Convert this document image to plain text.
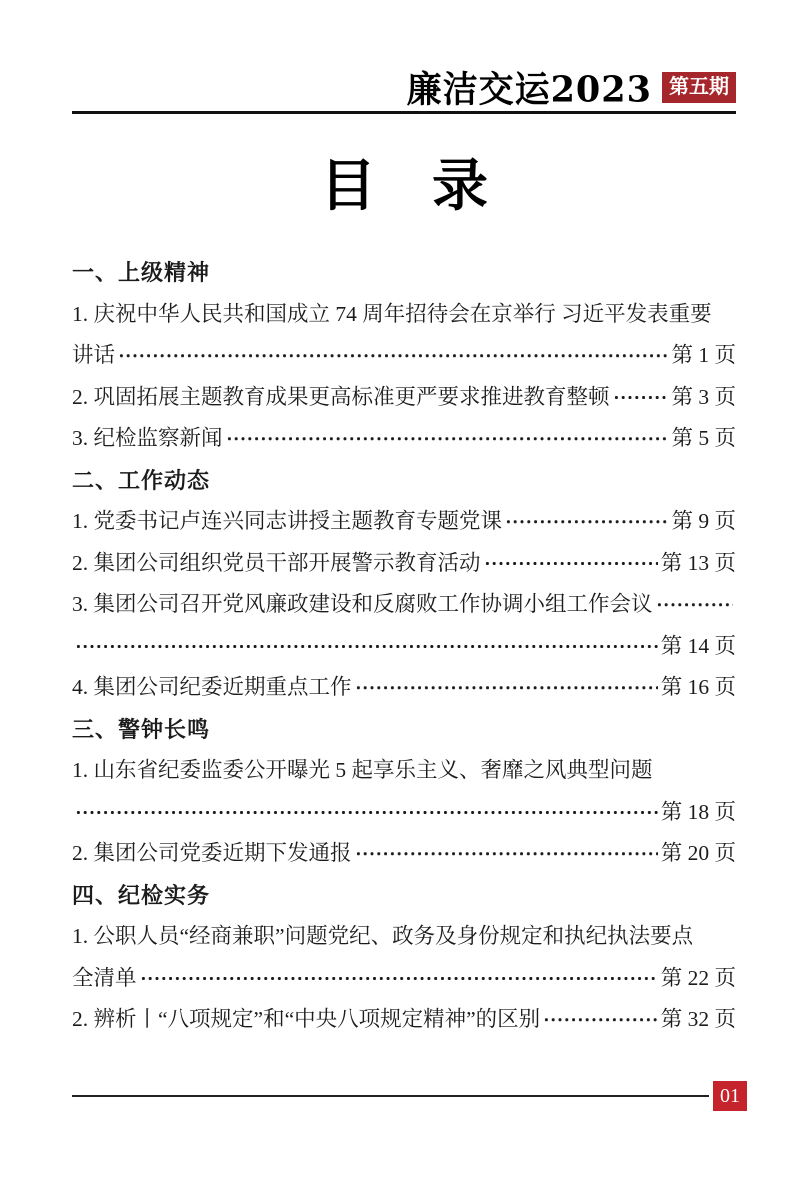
廉洁交运2023 第五期
目　录
一、上级精神
1. 庆祝中华人民共和国成立 74 周年招待会在京举行 习近平发表重要
讲话	第 1 页
2. 巩固拓展主题教育成果更高标准更严要求推进教育整顿	第 3 页
3. 纪检监察新闻	第 5 页
二、工作动态
1. 党委书记卢连兴同志讲授主题教育专题党课	第 9 页
2. 集团公司组织党员干部开展警示教育活动	第 13 页
3. 集团公司召开党风廉政建设和反腐败工作协调小组工作会议
第 14 页
4. 集团公司纪委近期重点工作	第 16 页
三、警钟长鸣
1. 山东省纪委监委公开曝光 5 起享乐主义、奢靡之风典型问题
第 18 页
2. 集团公司党委近期下发通报	第 20 页
四、纪检实务
1. 公职人员“经商兼职”问题党纪、政务及身份规定和执纪执法要点
全清单	第 22 页
2. 辨析丨“八项规定”和“中央八项规定精神”的区别	第 32 页
01
